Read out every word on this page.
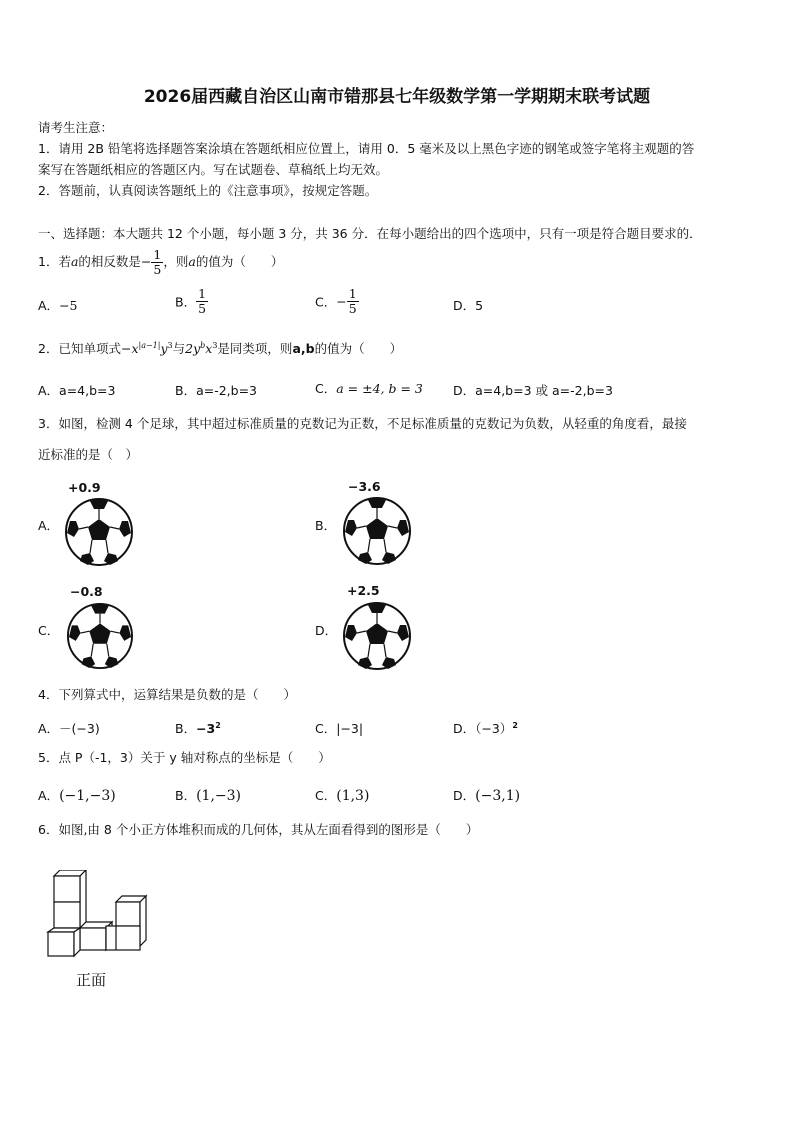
2026届西藏自治区山南市错那县七年级数学第一学期期末联考试题
请考生注意：
1．请用 2B 铅笔将选择题答案涂填在答题纸相应位置上，请用 0．5 毫米及以上黑色字迹的钢笔或签字笔将主观题的答
案写在答题纸相应的答题区内。写在试题卷、草稿纸上均无效。
2．答题前，认真阅读答题纸上的《注意事项》，按规定答题。
一、选择题：本大题共 12 个小题，每小题 3 分，共 36 分．在每小题给出的四个选项中，只有一项是符合题目要求的．
1．若a的相反数是− $\frac{1}{5}$ ，则a的值为（　　）
A．−5	B． $\frac{1}{5}$	C．− $\frac{1}{5}$	D．5
2．已知单项式$-x^{|a-1|}y^3$与$2y^bx^3$是同类项，则a,b的值为（　　）
A．a=4,b=3	B．a=-2,b=3	C．a = ±4, b = 3 D．a=4,b=3 或 a=-2,b=3
3．如图，检测 4 个足球，其中超过标准质量的克数记为正数，不足标准质量的克数记为负数，从轻重的角度看，最接
近标准的是（　）
+0.9
A．
−3.6
B．
−0.8
C．
+2.5
D．
4．下列算式中，运算结果是负数的是（　　）
A．－(−3)	B．$-3^2$	C．|−3|	D．$(-3)^2$
5．点 P（-1，3）关于 y 轴对称点的坐标是（　　）
A．(−1,−3)	B．(1,−3)	C．(1,3)	D．(−3,1)
6．如图,由 8 个小正方体堆积而成的几何体，其从左面看得到的图形是（　　）
正面
